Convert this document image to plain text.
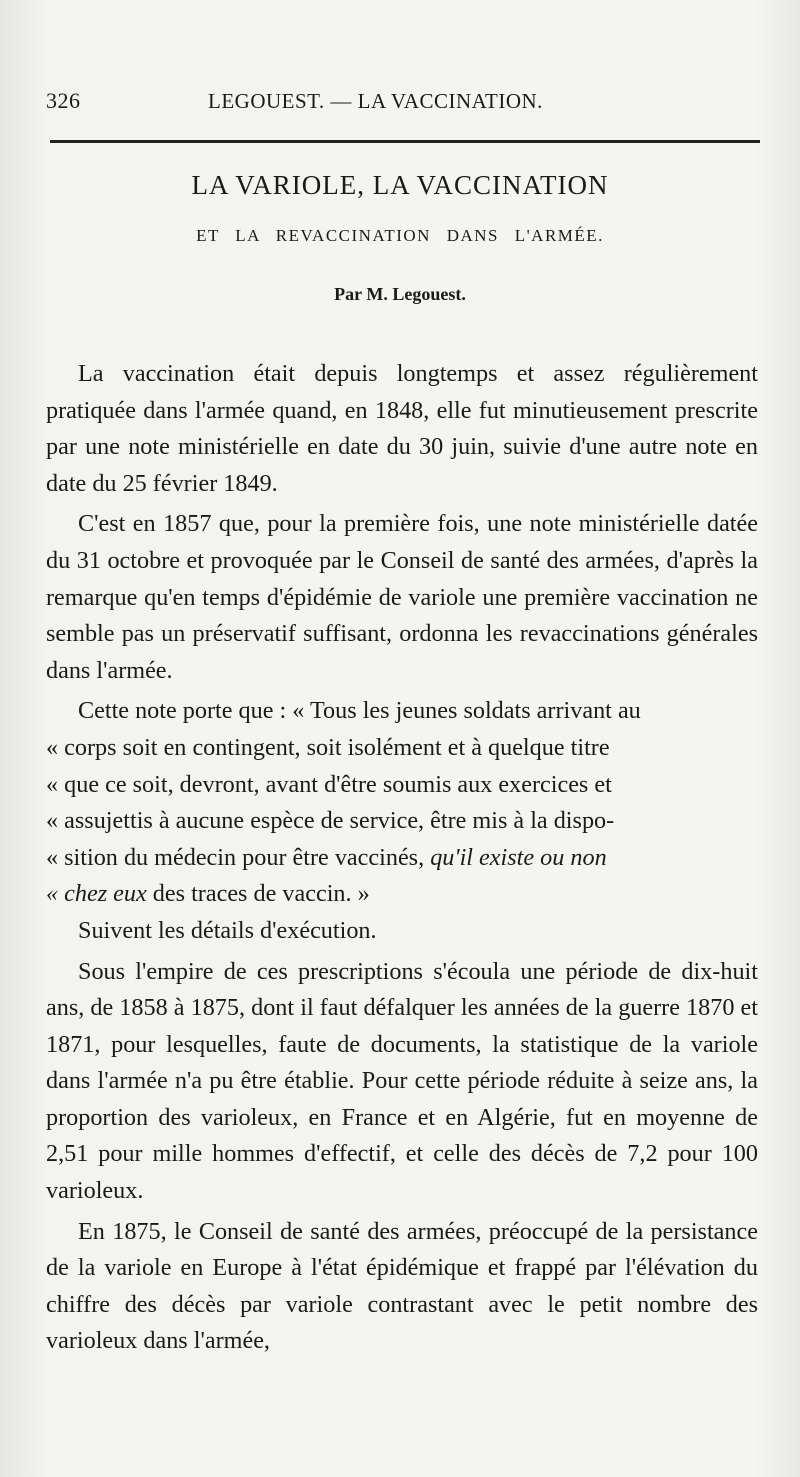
326	LEGOUEST. — LA VACCINATION.
LA VARIOLE, LA VACCINATION
ET LA REVACCINATION DANS L'ARMÉE.
Par M. Legouest.

La vaccination était depuis longtemps et assez régulièrement pratiquée dans l'armée quand, en 1848, elle fut minutieusement prescrite par une note ministérielle en date du 30 juin, suivie d'une autre note en date du 25 février 1849.

C'est en 1857 que, pour la première fois, une note ministérielle datée du 31 octobre et provoquée par le Conseil de santé des armées, d'après la remarque qu'en temps d'épidémie de variole une première vaccination ne semble pas un préservatif suffisant, ordonna les revaccinations générales dans l'armée.

Cette note porte que : « Tous les jeunes soldats arrivant au
« corps soit en contingent, soit isolément et à quelque titre
« que ce soit, devront, avant d'être soumis aux exercices et
« assujettis à aucune espèce de service, être mis à la dispo-
« sition du médecin pour être vaccinés, qu'il existe ou non
« chez eux des traces de vaccin. »

Suivent les détails d'exécution.

Sous l'empire de ces prescriptions s'écoula une période de dix-huit ans, de 1858 à 1875, dont il faut défalquer les années de la guerre 1870 et 1871, pour lesquelles, faute de documents, la statistique de la variole dans l'armée n'a pu être établie. Pour cette période réduite à seize ans, la proportion des varioleux, en France et en Algérie, fut en moyenne de 2,51 pour mille hommes d'effectif, et celle des décès de 7,2 pour 100 varioleux.

En 1875, le Conseil de santé des armées, préoccupé de la persistance de la variole en Europe à l'état épidémique et frappé par l'élévation du chiffre des décès par variole contrastant avec le petit nombre des varioleux dans l'armée,
